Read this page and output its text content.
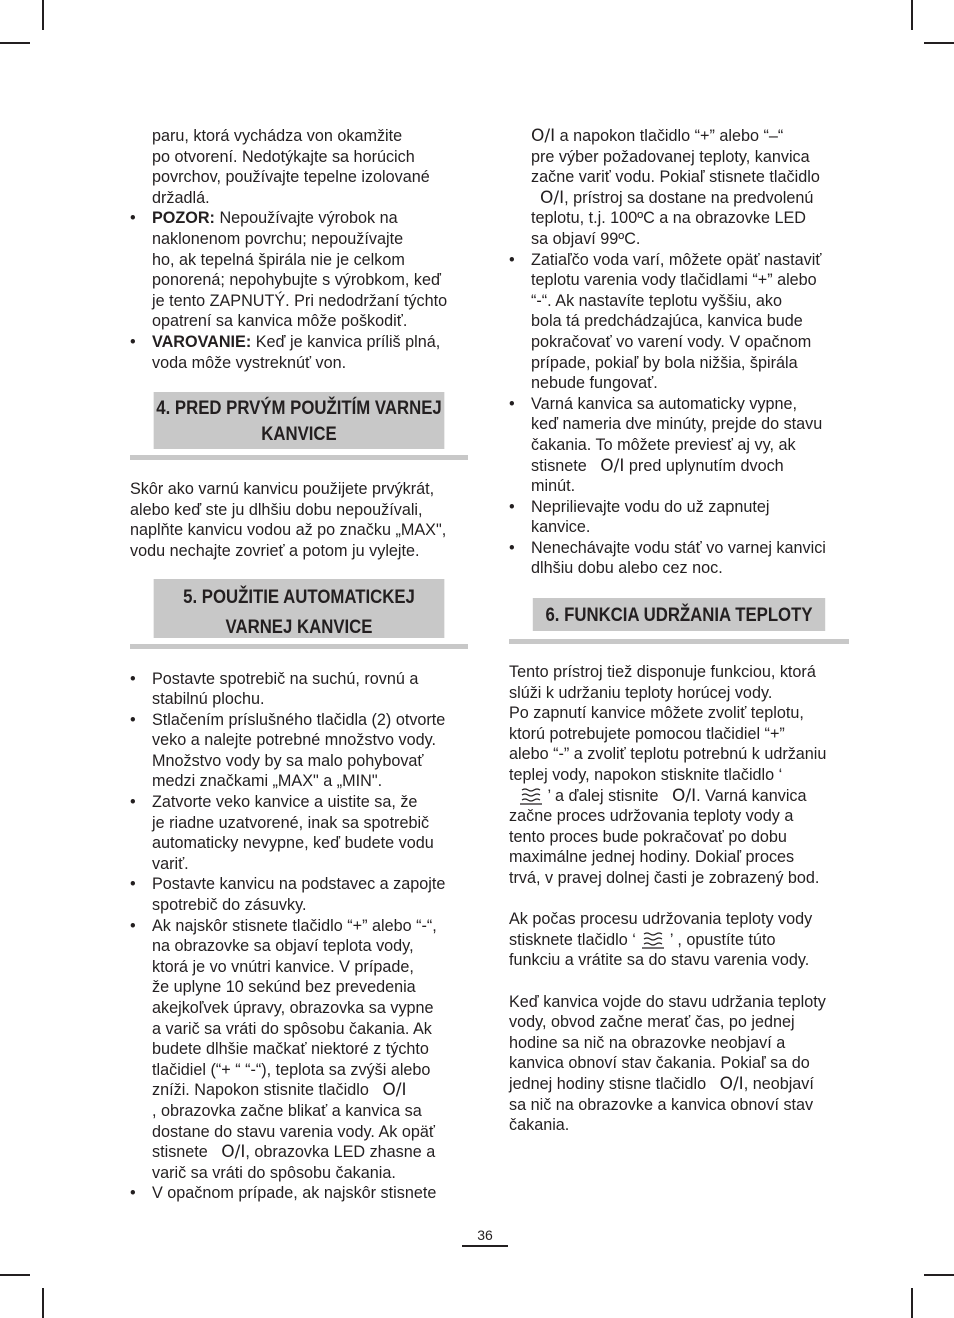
paru, ktorá vychádza von okamžite

po otvorení. Nedotýkajte sa horúcich

povrchov, používajte tepelne izolované

držadlá.

• POZOR: Nepoužívajte výrobok na

naklonenom povrchu; nepoužívajte

ho, ak tepelná špirála nie je celkom

ponorená; nepohybujte s výrobkom, keď

je tento ZAPNUTÝ. Pri nedodržaní týchto

opatrení sa kanvica môže poškodiť.

• VAROVANIE: Keď je kanvica príliš plná,

voda môže vystreknúť von.

4. PRED PRVÝM POUŽITÍM VARNEJ
KANVICE

Skôr ako varnú kanvicu použijete prvýkrát,

alebo keď ste ju dlhšiu dobu nepoužívali,

naplňte kanvicu vodou až po značku „MAX",

vodu nechajte zovrieť a potom ju vylejte.

5. POUŽITIE AUTOMATICKEJ
VARNEJ KANVICE

• Postavte spotrebič na suchú, rovnú a

stabilnú plochu.

• Stlačením príslušného tlačidla (2) otvorte

veko a nalejte potrebné množstvo vody.

Množstvo vody by sa malo pohybovať

medzi značkami „MAX" a „MIN".

• Zatvorte veko kanvice a uistite sa, že

je riadne uzatvorené, inak sa spotrebič

automaticky nevypne, keď budete vodu

variť.

• Postavte kanvicu na podstavec a zapojte

spotrebič do zásuvky.

• Ak najskôr stisnete tlačidlo “+” alebo “-“,

na obrazovke sa objaví teplota vody,

ktorá je vo vnútri kanvice. V prípade,

že uplyne 10 sekúnd bez prevedenia

akejkoľvek úpravy, obrazovka sa vypne

a varič sa vráti do spôsobu čakania. Ak

budete dlhšie mačkať niektoré z týchto

tlačidiel (“+ “ “-“), teplota sa zvýši alebo

zníži. Napokon stisnite tlačidlo O/I

, obrazovka začne blikať a kanvica sa

dostane do stavu varenia vody. Ak opäť

stisnete O/I, obrazovka LED zhasne a

varič sa vráti do spôsobu čakania.

• V opačnom prípade, ak najskôr stisnete

O/I a napokon tlačidlo “+” alebo “–“

pre výber požadovanej teploty, kanvica

začne variť vodu. Pokiaľ stisnete tlačidlo

O/I, prístroj sa dostane na predvolenú

teplotu, t.j. 100ºC a na obrazovke LED

sa objaví 99ºC.

• Zatiaľčo voda varí, môžete opäť nastaviť

teplotu varenia vody tlačidlami “+” alebo

“-“. Ak nastavíte teplotu vyššiu, ako

bola tá predchádzajúca, kanvica bude

pokračovať vo varení vody. V opačnom

prípade, pokiaľ by bola nižšia, špirála

nebude fungovať.

• Varná kanvica sa automaticky vypne,

keď nameria dve minúty, prejde do stavu

čakania. To môžete previesť aj vy, ak

stisnete O/I pred uplynutím dvoch

minút.

• Neprilievajte vodu do už zapnutej

kanvice.

• Nenechávajte vodu stáť vo varnej kanvici

dlhšiu dobu alebo cez noc.

6. FUNKCIA UDRŽANIA TEPLOTY

Tento prístroj tiež disponuje funkciou, ktorá

slúži k udržaniu teploty horúcej vody.

Po zapnutí kanvice môžete zvoliť teplotu,

ktorú potrebujete pomocou tlačidiel “+”

alebo “-” a zvoliť teplotu potrebnú k udržaniu

teplej vody, napokon stisknite tlačidlo ‘

’ a ďalej stisnite O/I. Varná kanvica

začne proces udržovania teploty vody a

tento proces bude pokračovať po dobu

maximálne jednej hodiny. Dokiaľ proces

trvá, v pravej dolnej časti je zobrazený bod.

Ak počas procesu udržovania teploty vody

stisknete tlačidlo ‘ ’ , opustíte túto

funkciu a vrátite sa do stavu varenia vody.

Keď kanvica vojde do stavu udržania teploty

vody, obvod začne merať čas, po jednej

hodine sa nič na obrazovke neobjaví a

kanvica obnoví stav čakania. Pokiaľ sa do

jednej hodiny stisne tlačidlo O/I, neobjaví

sa nič na obrazovke a kanvica obnoví stav

čakania.

36
